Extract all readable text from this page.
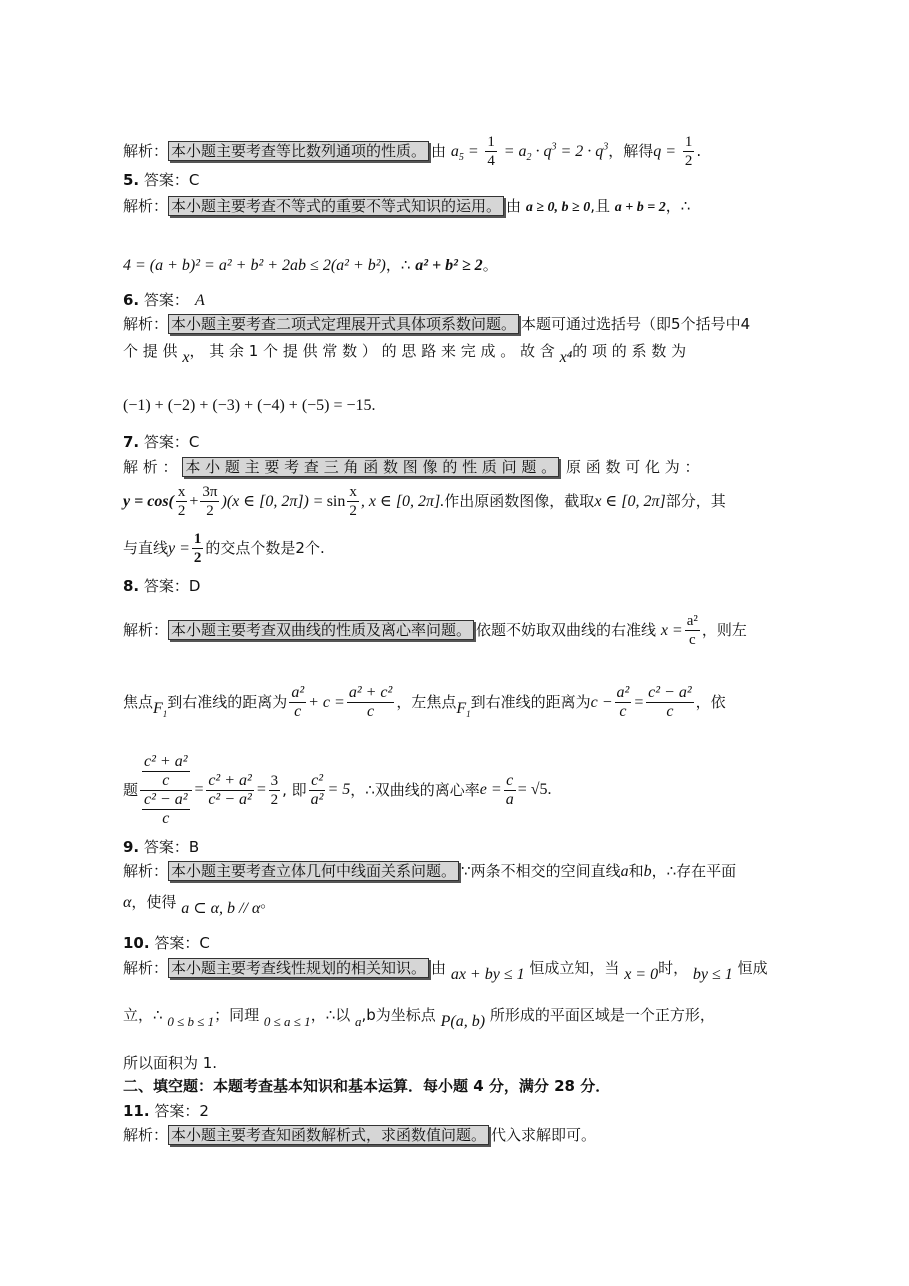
解析： 本小题主要考查等比数列通项的性质。 由 $a_5 = \frac{1}{4} = a_2 \cdot q^3 = 2 \cdot q^3$，解得$q = \frac{1}{2}$ .
5. 答案：C
解析： 本小题主要考查不等式的重要不等式知识的运用。 由 a ≥ 0, b ≥ 0,且 a + b = 2，∴
4 = (a + b)² = a² + b² + 2ab ≤ 2(a² + b²)，∴ a² + b² ≥ 2。
6. 答案： A
解析： 本小题主要考查二项式定理展开式具体项系数问题。 本题可通过选括号（即5个括号中4
个 提 供 x， 其 余 1 个 提 供 常 数 ） 的 思 路 来 完 成 。 故 含 x⁴的 项 的 系 数 为
(−1) + (−2) + (−3) + (−4) + (−5) = −15.
7. 答案：C
解 析 ： 本 小 题 主 要 考 查 三 角 函 数 图 像 的 性 质 问 题 。 原 函 数 可 化 为 ：
$y = \cos( \frac{x}{2} + \frac{3\pi}{2} )(x$ ∈ [0, $2\pi]) = \sin \frac{x}{2}$ , x ∈ [0, 2π].作出原函数图像，截取x ∈ [0, 2π]部分，其
与直线$y = \frac{1}{2}$ 的交点个数是2个.
8. 答案：D
解析： 本小题主要考查双曲线的性质及离心率问题。 依题不妨取双曲线的右准线 $x = \frac{\text{a²}}{c}$ ，则左
焦点$F_1$到右准线的距离为 $\frac{\text{a²}}{c} + c = \frac{\text{a² + c²}}{c}$ ，左焦点$F_1$到右准线的距离为$c - \frac{\text{a²}}{c} = \frac{\text{c² − a²}}{c}$ ，依
题 $\frac{\frac{\text{c² + a²}}{c}}{\frac{\text{c² − a²}}{c}} = \frac{\text{c² + a²}}{\text{c² − a²}} = \frac{3}{2}$ , 即 $\frac{\text{c²}}{\text{a²}} = 5$ ，∴双曲线的离心率 $e = \frac{c}{a} = √5$.
9. 答案：B
解析： 本小题主要考查立体几何中线面关系问题。 ∵两条不相交的空间直线a和b，∴存在平面
α，使得 a ⊂ α, b // α。
10. 答案：C
解析： 本小题主要考查线性规划的相关知识。 由 ax + by ≤ 1 恒成立知，当 x = 0时， by ≤ 1 恒成
立，∴ 0 ≤ b ≤ 1；同理 0 ≤ a ≤ 1，∴以 a,b为坐标点 P(a, b) 所形成的平面区域是一个正方形，
所以面积为 1.
二、填空题：本题考查基本知识和基本运算．每小题 4 分，满分 28 分．
11. 答案：2
解析： 本小题主要考查知函数解析式，求函数值问题。 代入求解即可。
